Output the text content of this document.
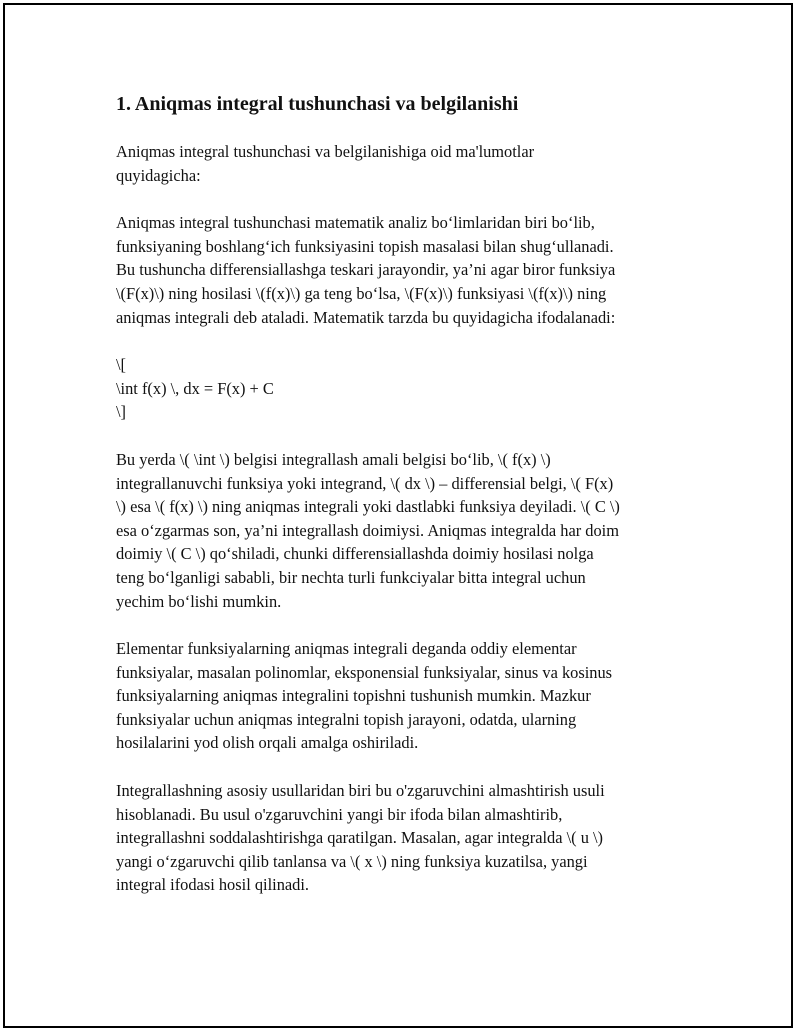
1. Aniqmas integral tushunchasi va belgilanishi

Aniqmas integral tushunchasi va belgilanishiga oid ma'lumotlar
quyidagicha:

Aniqmas integral tushunchasi matematik analiz bo‘limlaridan biri bo‘lib,
funksiyaning boshlang‘ich funksiyasini topish masalasi bilan shug‘ullanadi.
Bu tushuncha differensiallashga teskari jarayondir, ya’ni agar biror funksiya
\(F(x)\) ning hosilasi \(f(x)\) ga teng bo‘lsa, \(F(x)\) funksiyasi \(f(x)\) ning
aniqmas integrali deb ataladi. Matematik tarzda bu quyidagicha ifodalanadi:

\[
\int f(x) \, dx = F(x) + C
\]

Bu yerda \( \int \) belgisi integrallash amali belgisi bo‘lib, \( f(x) \)
integrallanuvchi funksiya yoki integrand, \( dx \) – differensial belgi, \( F(x)
\) esa \( f(x) \) ning aniqmas integrali yoki dastlabki funksiya deyiladi. \( C \)
esa o‘zgarmas son, ya’ni integrallash doimiysi. Aniqmas integralda har doim
doimiy \( C \) qo‘shiladi, chunki differensiallashda doimiy hosilasi nolga
teng bo‘lganligi sababli, bir nechta turli funkciyalar bitta integral uchun
yechim bo‘lishi mumkin.

Elementar funksiyalarning aniqmas integrali deganda oddiy elementar
funksiyalar, masalan polinomlar, eksponensial funksiyalar, sinus va kosinus
funksiyalarning aniqmas integralini topishni tushunish mumkin. Mazkur
funksiyalar uchun aniqmas integralni topish jarayoni, odatda, ularning
hosilalarini yod olish orqali amalga oshiriladi.

Integrallashning asosiy usullaridan biri bu o'zgaruvchini almashtirish usuli
hisoblanadi. Bu usul o'zgaruvchini yangi bir ifoda bilan almashtirib,
integrallashni soddalashtirishga qaratilgan. Masalan, agar integralda \( u \)
yangi o‘zgaruvchi qilib tanlansa va \( x \) ning funksiya kuzatilsa, yangi
integral ifodasi hosil qilinadi.
